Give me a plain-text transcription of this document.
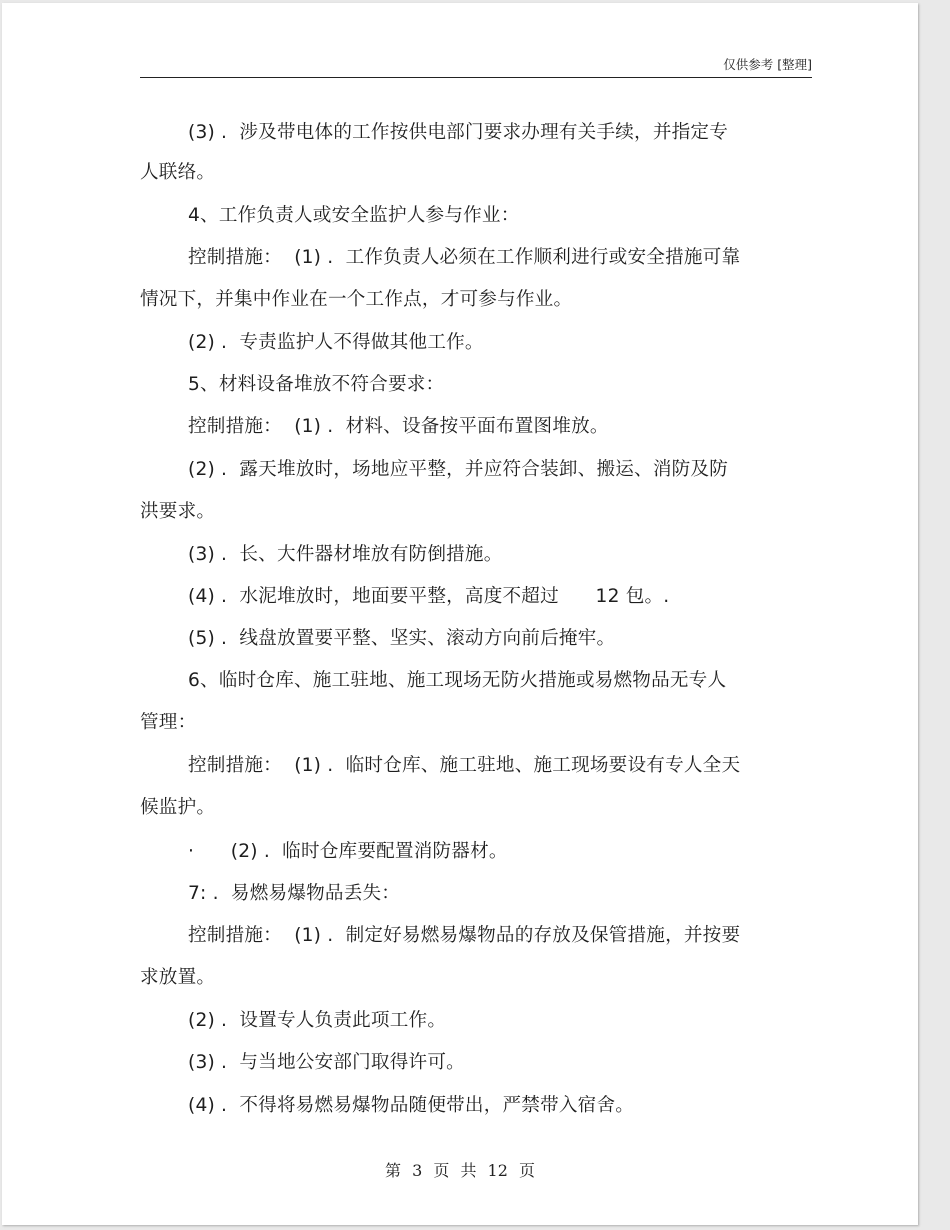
仅供参考 [整理]
(3) .  涉及带电体的工作按供电部门要求办理有关手续，并指定专
人联络。
4、工作负责人或安全监护人参与作业：
控制措施：  (1) .  工作负责人必须在工作顺利进行或安全措施可靠
情况下，并集中作业在一个工作点，才可参与作业。
(2) .  专责监护人不得做其他工作。
5、材料设备堆放不符合要求：
控制措施：  (1) .  材料、设备按平面布置图堆放。
(2) .  露天堆放时，场地应平整，并应符合装卸、搬运、消防及防
洪要求。
(3) .  长、大件器材堆放有防倒措施。
(4) .  水泥堆放时，地面要平整，高度不超过      12 包。.
(5) .  线盘放置要平整、坚实、滚动方向前后掩牢。
6、临时仓库、施工驻地、施工现场无防火措施或易燃物品无专人
管理：
控制措施：  (1) .  临时仓库、施工驻地、施工现场要设有专人全天
候监护。
·      (2) .  临时仓库要配置消防器材。
7: .  易燃易爆物品丢失：
控制措施：  (1) .  制定好易燃易爆物品的存放及保管措施，并按要
求放置。
(2) .  设置专人负责此项工作。
(3) .  与当地公安部门取得许可。
(4) .  不得将易燃易爆物品随便带出，严禁带入宿舍。
第 3 页 共 12 页
